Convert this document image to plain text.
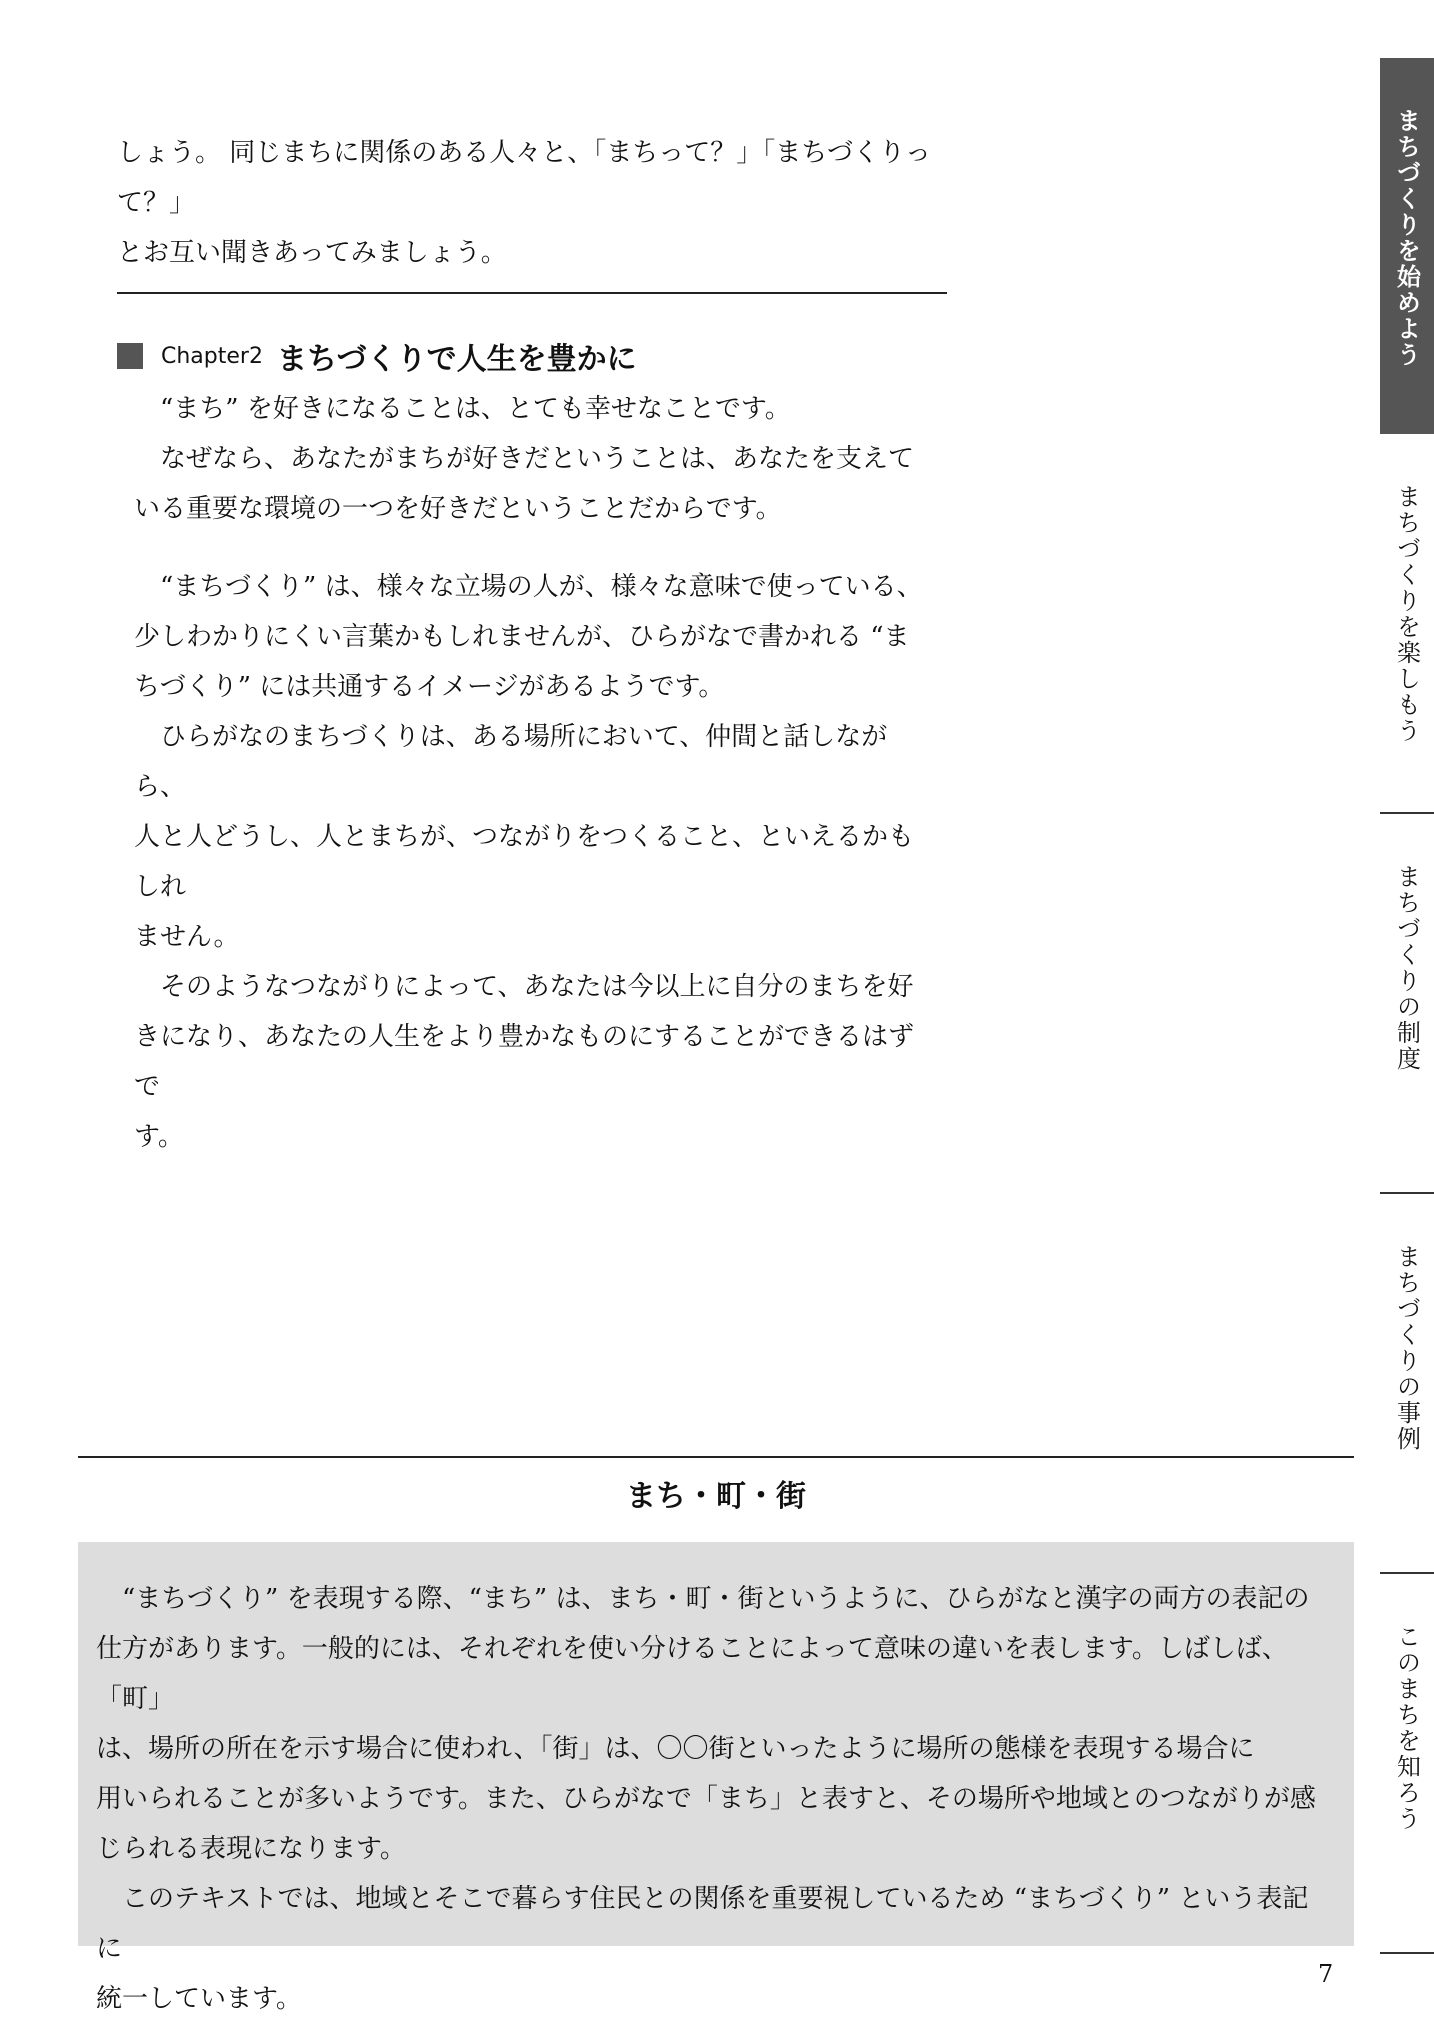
しょう。 同じまちに関係のある人々と、「まちって？」「まちづくりって？」

とお互い聞きあってみましょう。

Chapter2 まちづくりで人生を豊かに

　“まち” を好きになることは、とても幸せなことです。

　なぜなら、あなたがまちが好きだということは、あなたを支えて

いる重要な環境の一つを好きだということだからです。

　“まちづくり” は、様々な立場の人が、様々な意味で使っている、

少しわかりにくい言葉かもしれませんが、ひらがなで書かれる “ま

ちづくり” には共通するイメージがあるようです。

　ひらがなのまちづくりは、ある場所において、仲間と話しながら、

人と人どうし、人とまちが、つながりをつくること、といえるかもしれ

ません。

　そのようなつながりによって、あなたは今以上に自分のまちを好

きになり、あなたの人生をより豊かなものにすることができるはずで

す。

まち・町・街

　“まちづくり” を表現する際、“まち” は、まち・町・街というように、ひらがなと漢字の両方の表記の

仕方があります。一般的には、それぞれを使い分けることによって意味の違いを表します。しばしば、「町」

は、場所の所在を示す場合に使われ、「街」は、〇〇街といったように場所の態様を表現する場合に

用いられることが多いようです。また、ひらがなで「まち」と表すと、その場所や地域とのつながりが感

じられる表現になります。

　このテキストでは、地域とそこで暮らす住民との関係を重要視しているため “まちづくり” という表記に

統一しています。

7
まちづくりを始めよう
まちづくりを楽しもう
まちづくりの制度
まちづくりの事例
このまちを知ろう
